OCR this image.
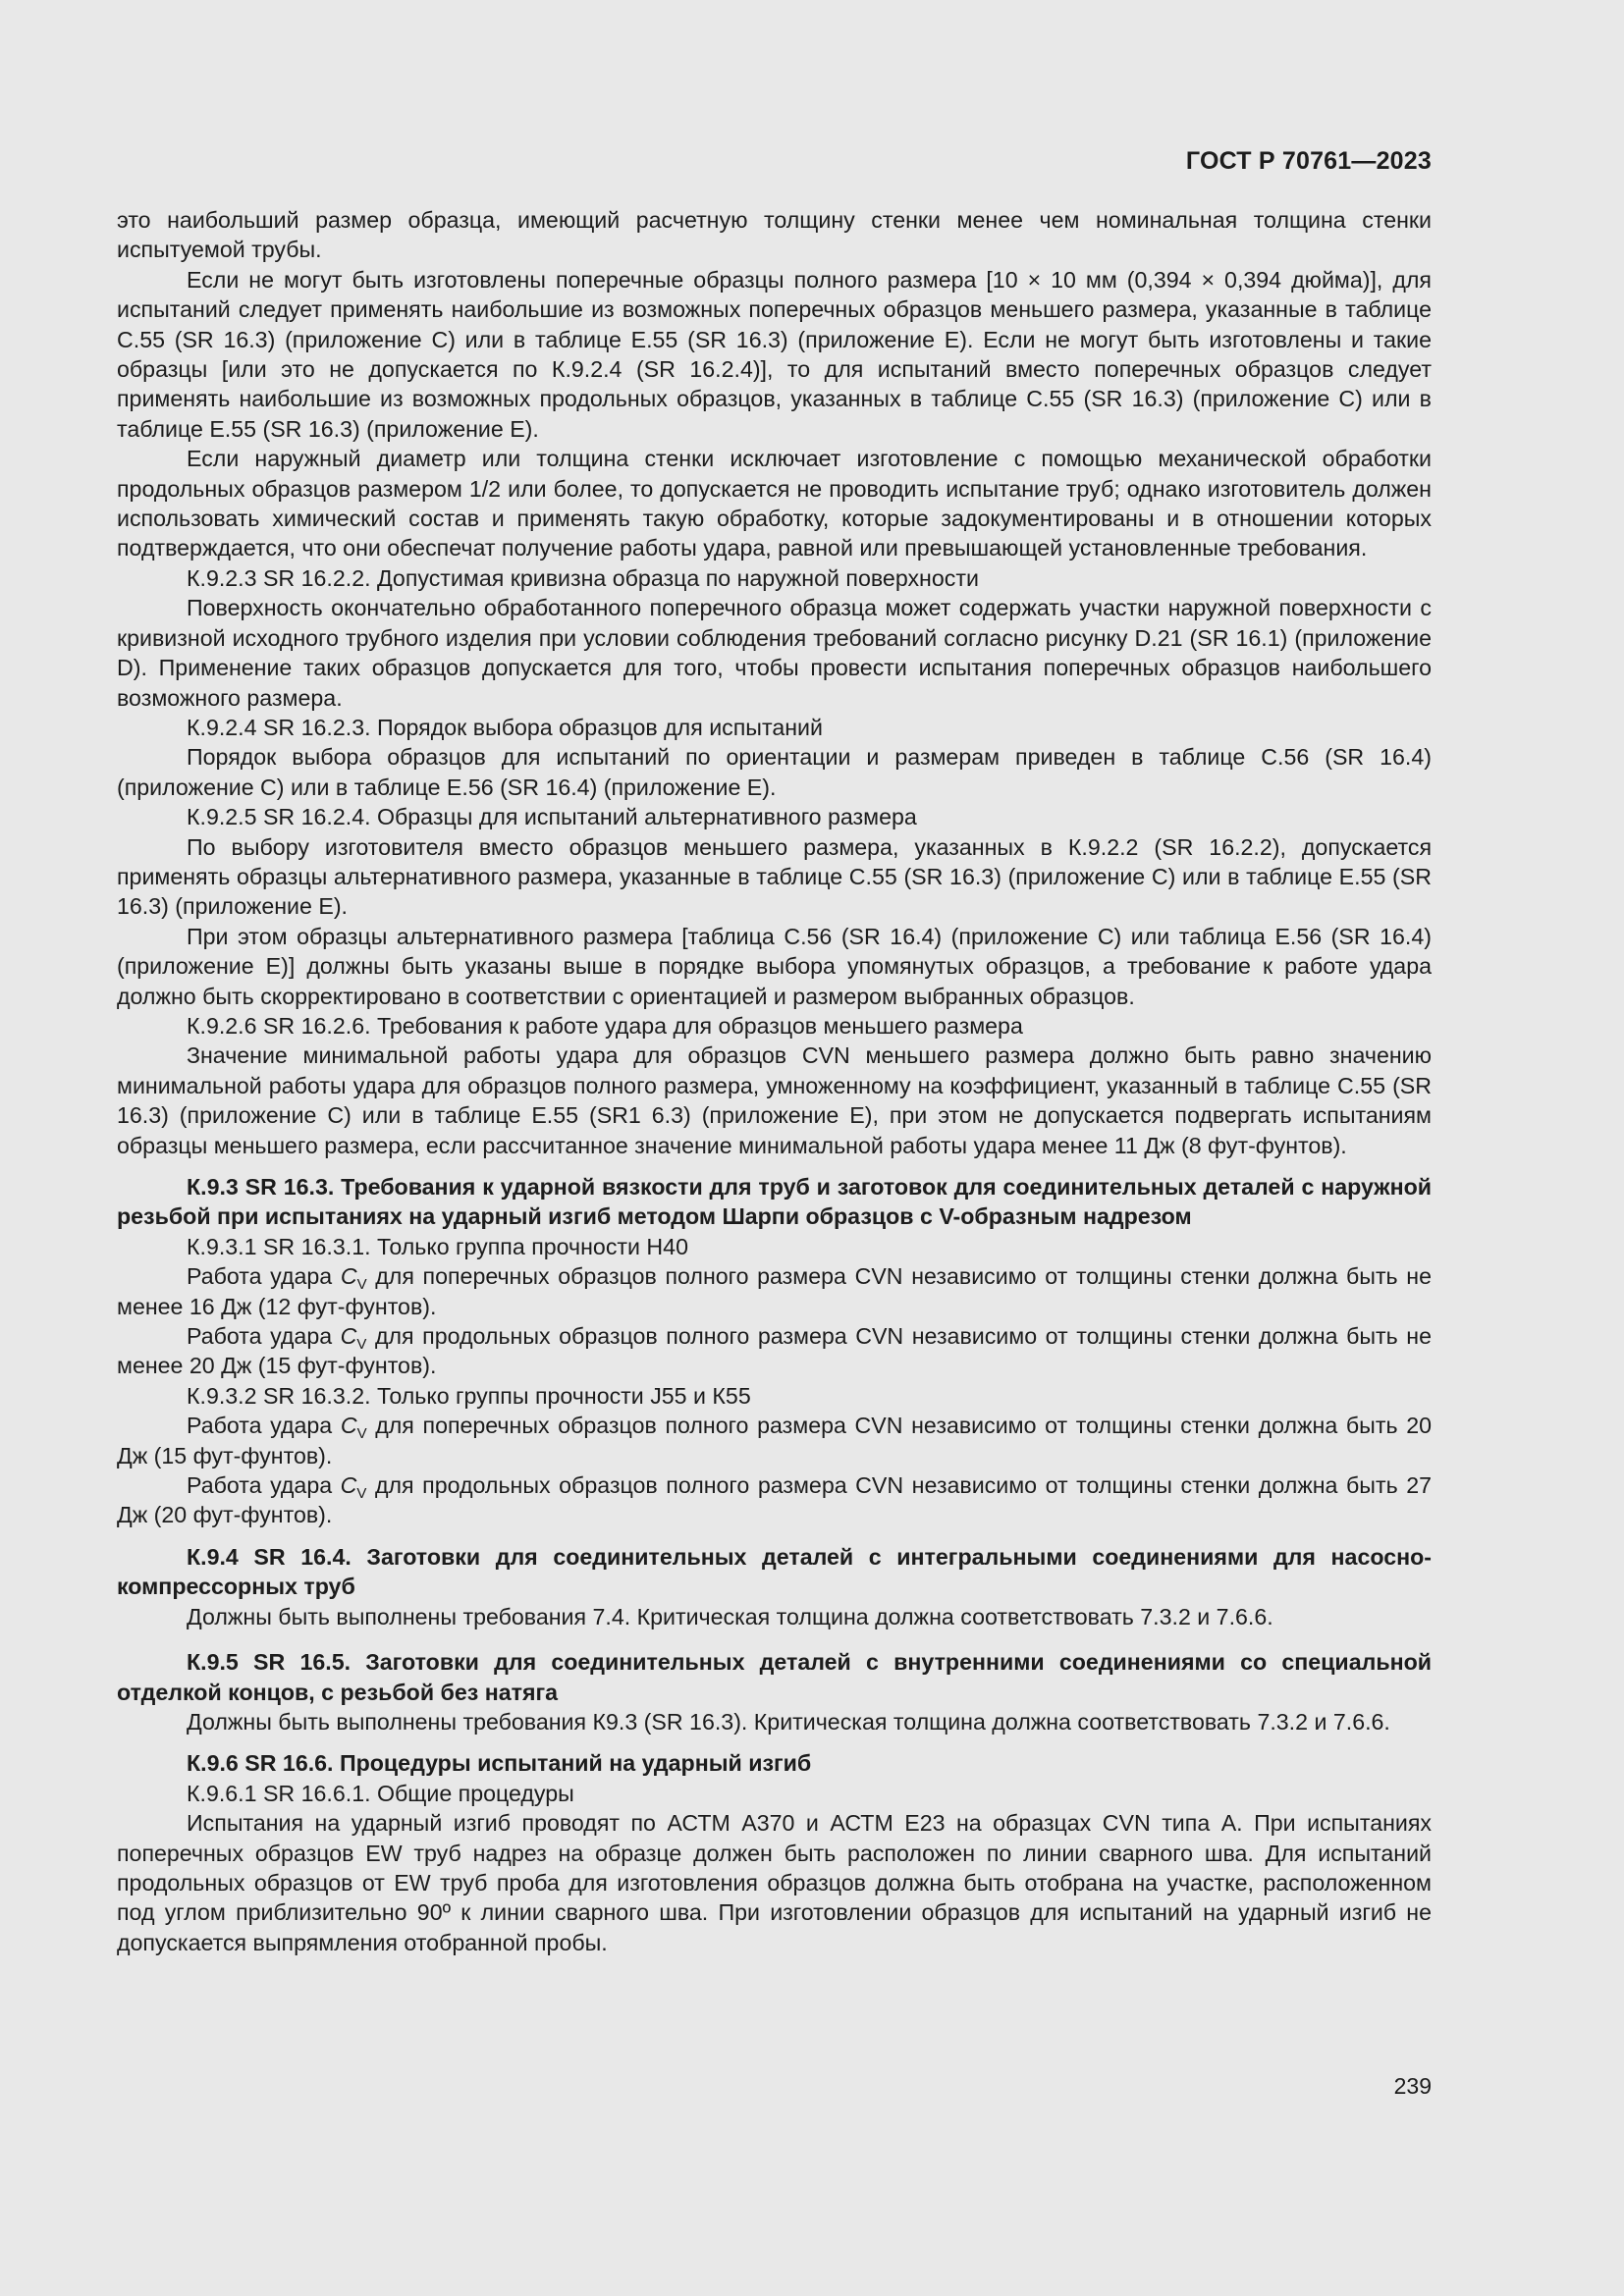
ГОСТ Р 70761—2023

это наибольший размер образца, имеющий расчетную толщину стенки менее чем номинальная толщина стенки испытуемой трубы.

Если не могут быть изготовлены поперечные образцы полного размера [10 × 10 мм (0,394 × 0,394 дюйма)], для испытаний следует применять наибольшие из возможных поперечных образцов меньшего размера, указанные в таблице С.55 (SR 16.3) (приложение С) или в таблице Е.55 (SR 16.3) (приложение Е). Если не могут быть изготовлены и такие образцы [или это не допускается по К.9.2.4 (SR 16.2.4)], то для испытаний вместо поперечных образцов следует применять наибольшие из возможных продольных образцов, указанных в таблице С.55 (SR 16.3) (приложение С) или в таблице Е.55 (SR 16.3) (приложение Е).

Если наружный диаметр или толщина стенки исключает изготовление с помощью механической обработки продольных образцов размером 1/2 или более, то допускается не проводить испытание труб; однако изготовитель должен использовать химический состав и применять такую обработку, которые задокументированы и в отношении которых подтверждается, что они обеспечат получение работы удара, равной или превышающей установленные требования.

К.9.2.3 SR 16.2.2. Допустимая кривизна образца по наружной поверхности

Поверхность окончательно обработанного поперечного образца может содержать участки наружной поверхности с кривизной исходного трубного изделия при условии соблюдения требований согласно рисунку D.21 (SR 16.1) (приложение D). Применение таких образцов допускается для того, чтобы провести испытания поперечных образцов наибольшего возможного размера.

К.9.2.4 SR 16.2.3. Порядок выбора образцов для испытаний

Порядок выбора образцов для испытаний по ориентации и размерам приведен в таблице С.56 (SR 16.4) (приложение С) или в таблице Е.56 (SR 16.4) (приложение Е).

К.9.2.5 SR 16.2.4. Образцы для испытаний альтернативного размера

По выбору изготовителя вместо образцов меньшего размера, указанных в К.9.2.2 (SR 16.2.2), допускается применять образцы альтернативного размера, указанные в таблице С.55 (SR 16.3) (приложение С) или в таблице Е.55 (SR 16.3) (приложение Е).

При этом образцы альтернативного размера [таблица С.56 (SR 16.4) (приложение С) или таблица Е.56 (SR 16.4) (приложение Е)] должны быть указаны выше в порядке выбора упомянутых образцов, а требование к работе удара должно быть скорректировано в соответствии с ориентацией и размером выбранных образцов.

К.9.2.6 SR 16.2.6. Требования к работе удара для образцов меньшего размера

Значение минимальной работы удара для образцов CVN меньшего размера должно быть равно значению минимальной работы удара для образцов полного размера, умноженному на коэффициент, указанный в таблице С.55 (SR 16.3) (приложение С) или в таблице Е.55 (SR1 6.3) (приложение Е), при этом не допускается подвергать испытаниям образцы меньшего размера, если рассчитанное значение минимальной работы удара менее 11 Дж (8 фут-фунтов).

К.9.3 SR 16.3. Требования к ударной вязкости для труб и заготовок для соединительных деталей с наружной резьбой при испытаниях на ударный изгиб методом Шарпи образцов с V-образным надрезом

К.9.3.1 SR 16.3.1. Только группа прочности Н40

Работа удара $C_V$ для поперечных образцов полного размера CVN независимо от толщины стенки должна быть не менее 16 Дж (12 фут-фунтов).

Работа удара $C_V$ для продольных образцов полного размера CVN независимо от толщины стенки должна быть не менее 20 Дж (15 фут-фунтов).

К.9.3.2 SR 16.3.2. Только группы прочности J55 и К55

Работа удара $C_V$ для поперечных образцов полного размера CVN независимо от толщины стенки должна быть 20 Дж (15 фут-фунтов).

Работа удара $C_V$ для продольных образцов полного размера CVN независимо от толщины стенки должна быть 27 Дж (20 фут-фунтов).

К.9.4 SR 16.4. Заготовки для соединительных деталей с интегральными соединениями для насосно-компрессорных труб

Должны быть выполнены требования 7.4. Критическая толщина должна соответствовать 7.3.2 и 7.6.6.

К.9.5 SR 16.5. Заготовки для соединительных деталей с внутренними соединениями со специальной отделкой концов, с резьбой без натяга

Должны быть выполнены требования К9.3 (SR 16.3). Критическая толщина должна соответствовать 7.3.2 и 7.6.6.

К.9.6 SR 16.6. Процедуры испытаний на ударный изгиб

К.9.6.1 SR 16.6.1. Общие процедуры

Испытания на ударный изгиб проводят по АСТМ А370 и АСТМ Е23 на образцах CVN типа А. При испытаниях поперечных образцов EW труб надрез на образце должен быть расположен по линии сварного шва. Для испытаний продольных образцов от EW труб проба для изготовления образцов должна быть отобрана на участке, расположенном под углом приблизительно 90º к линии сварного шва. При изготовлении образцов для испытаний на ударный изгиб не допускается выпрямления отобранной пробы.

239
